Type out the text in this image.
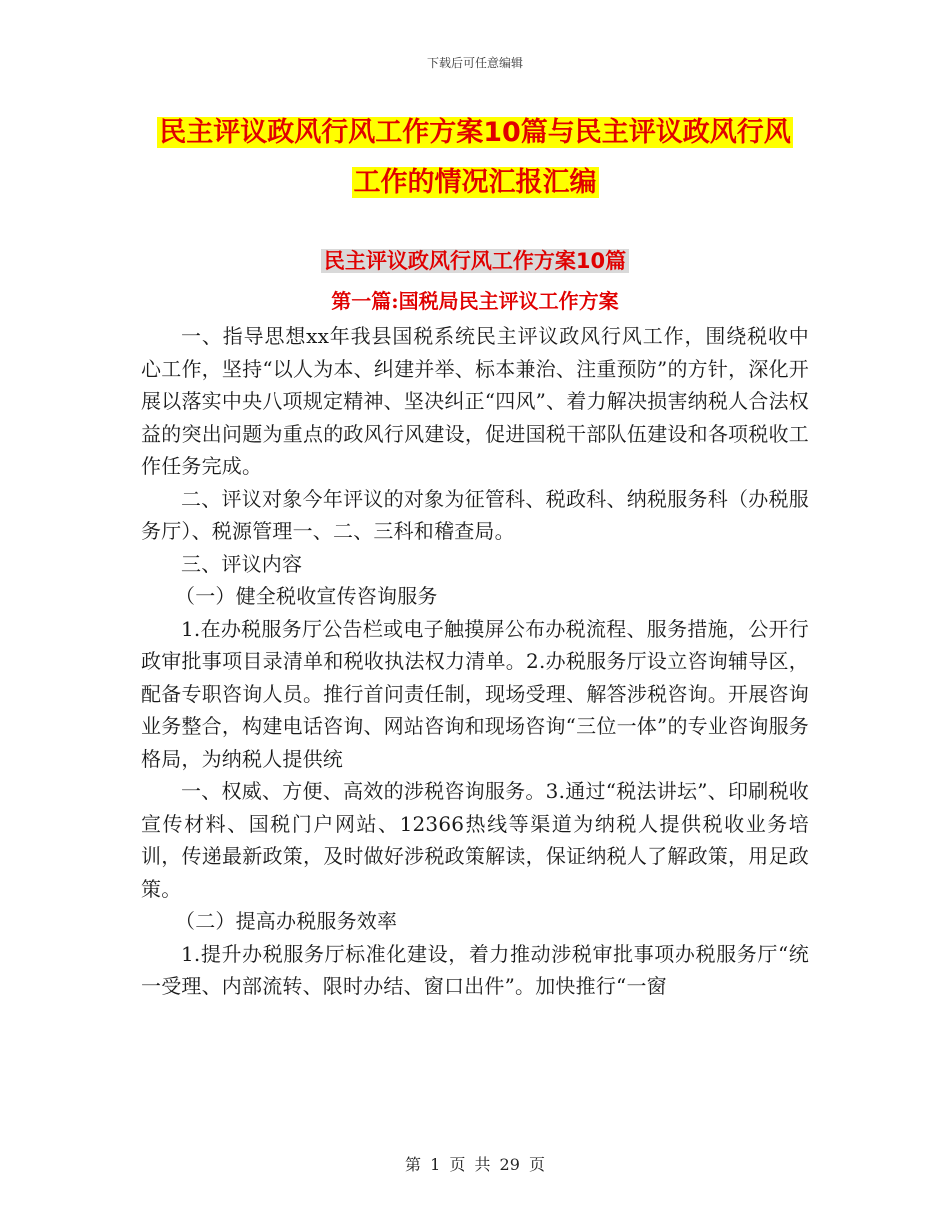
下载后可任意编辑
民主评议政风行风工作方案10篇与民主评议政风行风
工作的情况汇报汇编
民主评议政风行风工作方案10篇
第一篇:国税局民主评议工作方案

一、指导思想xx年我县国税系统民主评议政风行风工作，围绕税收中心工作，坚持“以人为本、纠建并举、标本兼治、注重预防”的方针，深化开展以落实中央八项规定精神、坚决纠正“四风”、着力解决损害纳税人合法权益的突出问题为重点的政风行风建设，促进国税干部队伍建设和各项税收工作任务完成。

二、评议对象今年评议的对象为征管科、税政科、纳税服务科（办税服务厅）、税源管理一、二、三科和稽查局。

三、评议内容

（一）健全税收宣传咨询服务

1.在办税服务厅公告栏或电子触摸屏公布办税流程、服务措施，公开行政审批事项目录清单和税收执法权力清单。2.办税服务厅设立咨询辅导区，配备专职咨询人员。推行首问责任制，现场受理、解答涉税咨询。开展咨询业务整合，构建电话咨询、网站咨询和现场咨询“三位一体”的专业咨询服务格局，为纳税人提供统

一、权威、方便、高效的涉税咨询服务。3.通过“税法讲坛”、印刷税收宣传材料、国税门户网站、12366热线等渠道为纳税人提供税收业务培训，传递最新政策，及时做好涉税政策解读，保证纳税人了解政策，用足政策。

（二）提高办税服务效率

1.提升办税服务厅标准化建设，着力推动涉税审批事项办税服务厅“统一受理、内部流转、限时办结、窗口出件”。加快推行“一窗

第 1 页 共 29 页
